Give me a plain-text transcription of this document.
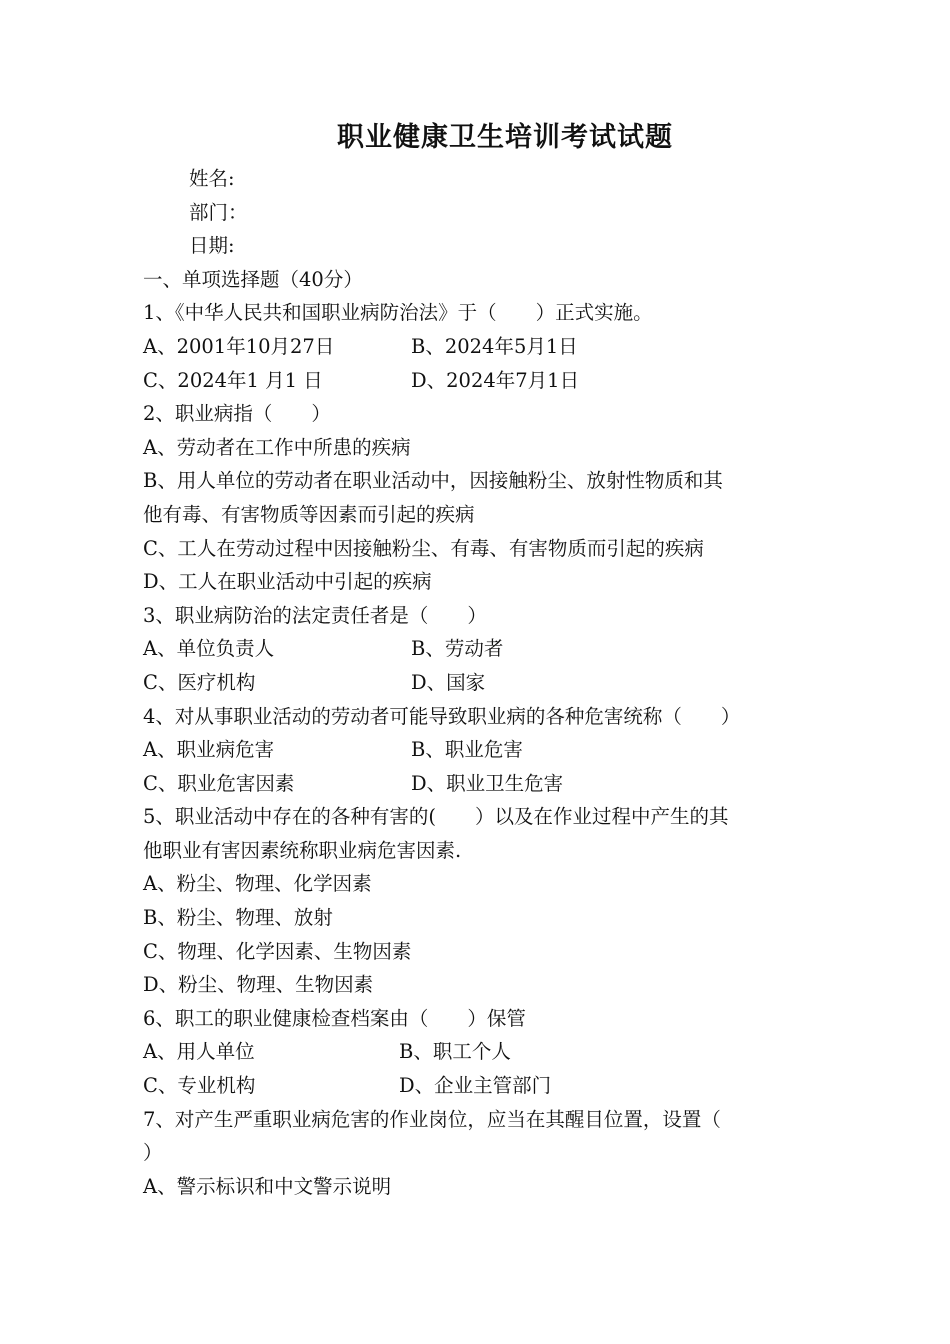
职业健康卫生培训考试试题
姓名:
部门：
日期:
一、单项选择题（40分）
1、《中华人民共和国职业病防治法》于（　　）正式实施。
A、2001年10月27日	B、2024年5月1日
C、2024年1 月1 日	D、2024年7月1日
2、职业病指（　　）
A、劳动者在工作中所患的疾病
B、用人单位的劳动者在职业活动中，因接触粉尘、放射性物质和其
他有毒、有害物质等因素而引起的疾病
C、工人在劳动过程中因接触粉尘、有毒、有害物质而引起的疾病
D、工人在职业活动中引起的疾病
3、职业病防治的法定责任者是（　　）
A、单位负责人	B、劳动者
C、医疗机构	D、国家
4、对从事职业活动的劳动者可能导致职业病的各种危害统称（　　）
A、职业病危害	B、职业危害
C、职业危害因素	D、职业卫生危害
5、职业活动中存在的各种有害的(　　）以及在作业过程中产生的其
他职业有害因素统称职业病危害因素.
A、粉尘、物理、化学因素
B、粉尘、物理、放射
C、物理、化学因素、生物因素
D、粉尘、物理、生物因素
6、职工的职业健康检查档案由（　　）保管
A、用人单位	B、职工个人
C、专业机构	D、企业主管部门
7、对产生严重职业病危害的作业岗位，应当在其醒目位置，设置（
）
A、警示标识和中文警示说明
